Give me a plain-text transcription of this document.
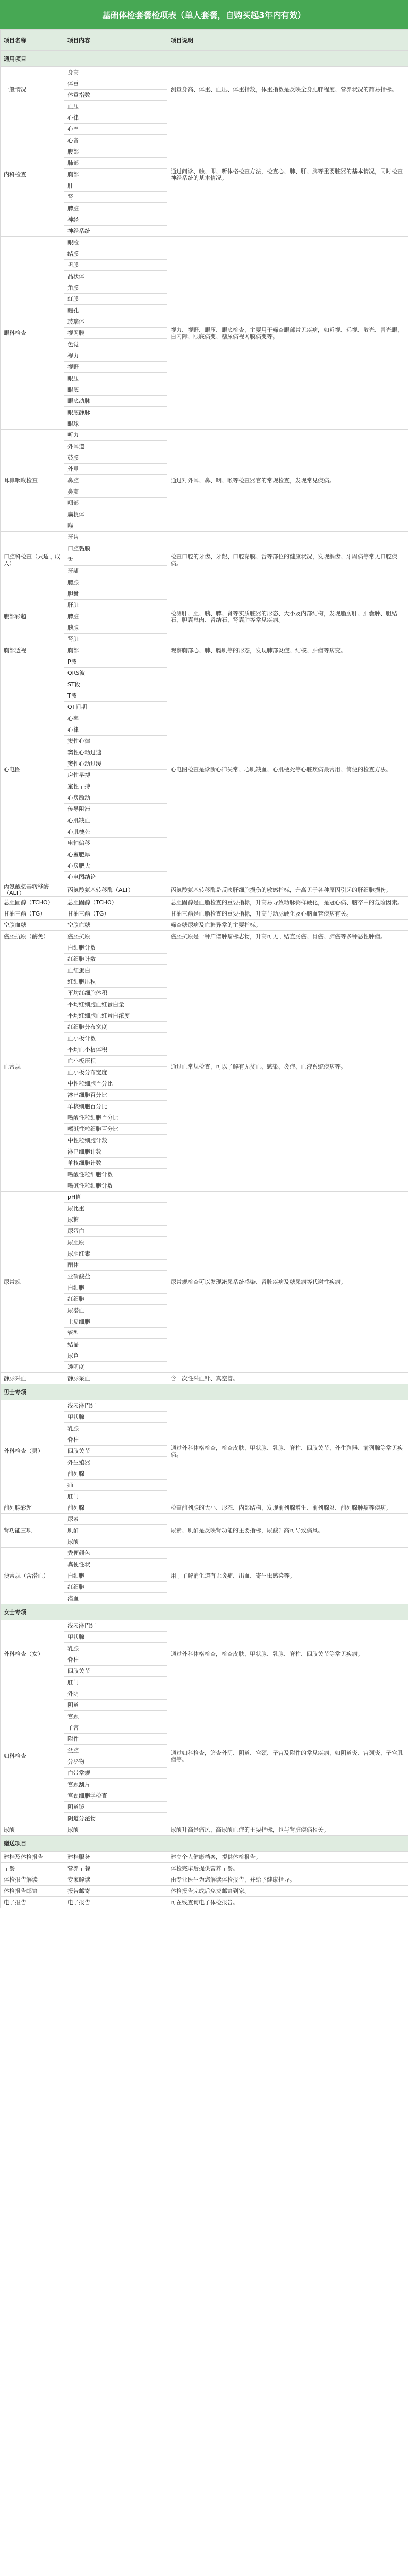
基础体检套餐检项表（单人套餐，自购买起3年内有效）
项目名称	项目内容	项目说明
通用项目		
一般情况	身高	测量身高、体重、血压、体重指数，体重指数是反映全身肥胖程度、营养状况的简易指标。
	体重	
	体重指数	
	血压	
内科检查	心律	通过问诊、触、叩、听体格检查方法，检查心、肺、肝、脾等重要脏器的基本情况，同时检查神经系统的基本情况。
	心率	
	心音	
	腹部	
	肺部	
	胸部	
	肝	
	肾	
	脾脏	
	神经	
	神经系统	
眼科检查	眼睑	视力、视野、眼压、眼底检查，主要用于筛查眼部常见疾病，如近视、远视、散光、青光眼、白内障、眼底病变、糖尿病视网膜病变等。
	结膜	
	巩膜	
	晶状体	
	角膜	
	虹膜	
	瞳孔	
	玻璃体	
	视网膜	
	色觉	
	视力	
	视野	
	眼压	
	眼底	
	眼底动脉	
	眼底静脉	
	眼球	
耳鼻咽喉检查	听力	通过对外耳、鼻、咽、喉等检查器官的常规检查，发现常见疾病。
	外耳道	
	鼓膜	
	外鼻	
	鼻腔	
	鼻窦	
	咽部	
	扁桃体	
	喉	
口腔科检查（只适于成人）	牙齿	检查口腔的牙齿、牙龈、口腔黏膜、舌等部位的健康状况，发现龋齿、牙周病等常见口腔疾病。
	口腔黏膜	
	舌	
	牙龈	
	腮腺	
腹部彩超	胆囊	检测肝、胆、胰、脾、肾等实质脏器的形态、大小及内部结构，发现脂肪肝、肝囊肿、胆结石、胆囊息肉、肾结石、肾囊肿等常见疾病。
	肝脏	
	脾脏	
	胰腺	
	肾脏	
胸部透视	胸部	观察胸部心、肺、膈肌等的形态，发现肺部炎症、结核、肿瘤等病变。
心电图	P波	心电图检查是诊断心律失常、心肌缺血、心肌梗死等心脏疾病最常用、简便的检查方法。
	QRS波	
	ST段	
	T波	
	QT间期	
	心率	
	心律	
	窦性心律	
	窦性心动过速	
	窦性心动过缓	
	房性早搏	
	室性早搏	
	心房颤动	
	传导阻滞	
	心肌缺血	
	心肌梗死	
	电轴偏移	
	心室肥厚	
	心房肥大	
	心电图结论	
丙氨酸氨基转移酶（ALT）	丙氨酸氨基转移酶（ALT）	丙氨酸氨基转移酶是反映肝细胞损伤的敏感指标，升高见于各种原因引起的肝细胞损伤。
总胆固醇（TCHO）	总胆固醇（TCHO）	总胆固醇是血脂检查的重要指标，升高易导致动脉粥样硬化，是冠心病、脑卒中的危险因素。
甘油三酯（TG）	甘油三酯（TG）	甘油三酯是血脂检查的重要指标，升高与动脉硬化及心脑血管疾病有关。
空腹血糖	空腹血糖	筛查糖尿病及血糖异常的主要指标。
癌胚抗原（酶免）	癌胚抗原	癌胚抗原是一种广谱肿瘤标志物，升高可见于结直肠癌、胃癌、肺癌等多种恶性肿瘤。
血常规	白细胞计数	通过血常规检查，可以了解有无贫血、感染、炎症、血液系统疾病等。
	红细胞计数	
	血红蛋白	
	红细胞压积	
	平均红细胞体积	
	平均红细胞血红蛋白量	
	平均红细胞血红蛋白浓度	
	红细胞分布宽度	
	血小板计数	
	平均血小板体积	
	血小板压积	
	血小板分布宽度	
	中性粒细胞百分比	
	淋巴细胞百分比	
	单核细胞百分比	
	嗜酸性粒细胞百分比	
	嗜碱性粒细胞百分比	
	中性粒细胞计数	
	淋巴细胞计数	
	单核细胞计数	
	嗜酸性粒细胞计数	
	嗜碱性粒细胞计数	
尿常规	pH值	尿常规检查可以发现泌尿系统感染、肾脏疾病及糖尿病等代谢性疾病。
	尿比重	
	尿糖	
	尿蛋白	
	尿胆原	
	尿胆红素	
	酮体	
	亚硝酸盐	
	白细胞	
	红细胞	
	尿潜血	
	上皮细胞	
	管型	
	结晶	
	尿色	
	透明度	
静脉采血	静脉采血	含一次性采血针、真空管。
男士专项		
外科检查（男）	浅表淋巴结	通过外科体格检查，检查皮肤、甲状腺、乳腺、脊柱、四肢关节、外生殖器、前列腺等常见疾病。
	甲状腺	
	乳腺	
	脊柱	
	四肢关节	
	外生殖器	
	前列腺	
	疝	
	肛门	
前列腺彩超	前列腺	检查前列腺的大小、形态、内部结构，发现前列腺增生、前列腺炎、前列腺肿瘤等疾病。
肾功能三项	尿素	尿素、肌酐是反映肾功能的主要指标，尿酸升高可导致痛风。
	肌酐	
	尿酸	
便常规（含潜血）	粪便颜色	用于了解消化道有无炎症、出血、寄生虫感染等。
	粪便性状	
	白细胞	
	红细胞	
	潜血	
女士专项		
外科检查（女）	浅表淋巴结	通过外科体格检查，检查皮肤、甲状腺、乳腺、脊柱、四肢关节等常见疾病。
	甲状腺	
	乳腺	
	脊柱	
	四肢关节	
	肛门	
妇科检查	外阴	通过妇科检查，筛查外阴、阴道、宫颈、子宫及附件的常见疾病，如阴道炎、宫颈炎、子宫肌瘤等。
	阴道	
	宫颈	
	子宫	
	附件	
	盆腔	
	分泌物	
	白带常规	
	宫颈刮片	
	宫颈细胞学检查	
	阴道镜	
	阴道分泌物	
尿酸	尿酸	尿酸升高是痛风、高尿酸血症的主要指标，也与肾脏疾病相关。
赠送项目		
建档及体检报告	建档服务	建立个人健康档案，提供体检报告。
早餐	营养早餐	体检完毕后提供营养早餐。
体检报告解读	专家解读	由专业医生为您解读体检报告，并给予健康指导。
体检报告邮寄	报告邮寄	体检报告完成后免费邮寄到家。
电子报告	电子报告	可在线查询电子体检报告。
